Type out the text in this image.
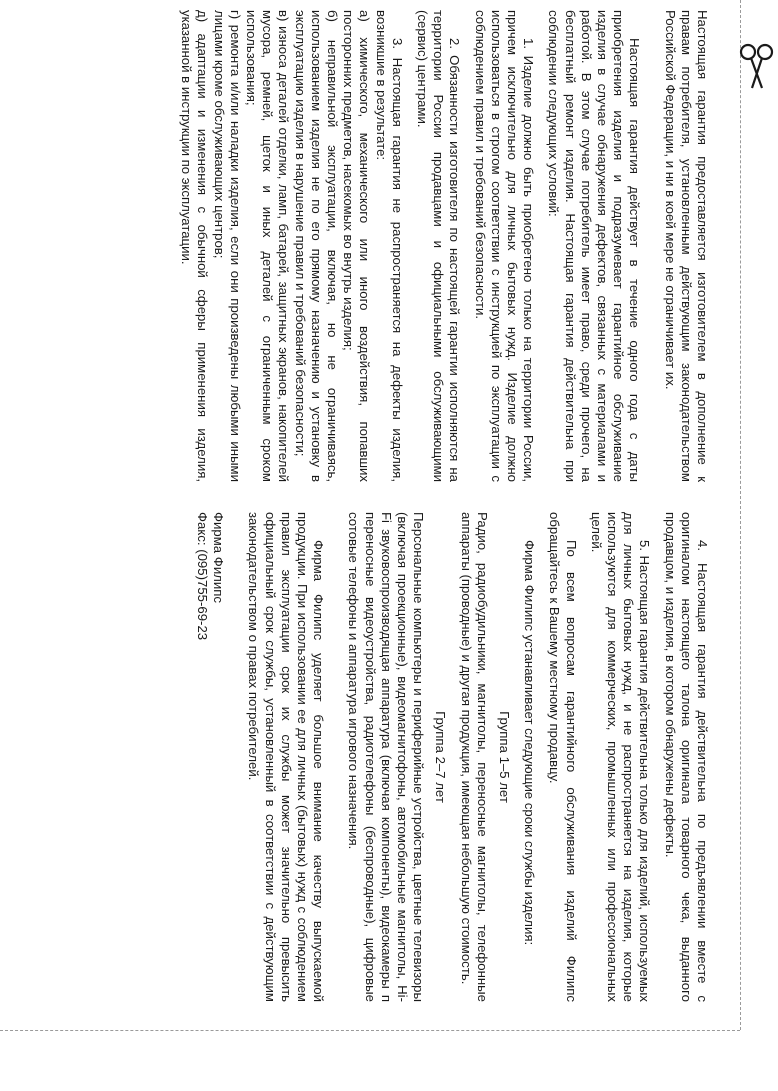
Настоящая гарантия предоставляется изготовителем в дополнение к правам потребителя, установленным действующим законодательством Российской Федерации, и ни в коей мере не ограничивает их.

Настоящая гарантия действует в течение одного года с даты приобретения изделия и подразумевает гарантийное обслуживание изделия в случае обнаружения дефектов, связанных с материалами и работой. В этом случае потребитель имеет право, среди прочего, на бесплатный ремонт изделия. Настоящая гарантия действительна при соблюдении следующих условий:

1. Изделие должно быть приобретено только на территории России, причем исключительно для личных бытовых нужд. Изделие должно использоваться в строгом соответствии с инструкцией по эксплуатации с соблюдением правил и требований безопасности.

2. Обязанности изготовителя по настоящей гарантии исполняются на территории России продавцами и официальными обслуживающими (сервис) центрами.

3. Настоящая гарантия не распространяется на дефекты изделия, возникшие в результате:

а) химического, механического или иного воздействия, попавших посторонних предметов, насекомых во внутрь изделия;

б) неправильной эксплуатации, включая, но не ограничиваясь, использованием изделия не по его прямому назначению и установку в эксплуатацию изделия в нарушение правил и требований безопасности;

в) износа деталей отделки, ламп, батарей, защитных экранов, накопителей мусора, ремней, щеток и иных деталей с ограниченным сроком использования;

г) ремонта и/или наладки изделия, если они произведены любыми иными лицами кроме обслуживающих центров;

д) адаптации и изменения с обычной сферы применения изделия, указанной в инструкции по эксплуатации.

4. Настоящая гарантия действительна по предъявлении вместе с оригиналом настоящего талона оригинала товарного чека, выданного продавцом, и изделия, в котором обнаружены дефекты.

5. Настоящая гарантия действительна только для изделий, используемых для личных бытовых нужд, и не распространяется на изделия, которые используются для коммерческих, промышленных или профессиональных целей.

По всем вопросам гарантийного обслуживания изделий Филипс обращайтесь к Вашему местному продавцу.

Фирма Филипс устанавливает следующие сроки службы изделия:

Группа 1–5 лет

Радио, радиобудильники, магнитолы, переносные магнитолы, телефонные аппараты (проводные) и другая продукция, имеющая небольшую стоимость.

Группа 2–7 лет

Персональные компьютеры и периферийные устройства, цветные телевизоры (включая проекционные), видеомагнитофоны, автомобильные магнитолы, Hi-Fi звуковоспроизводящая аппаратура (включая компоненты), видеокамеры п переносные видеоустройства, радиотелефоны (беспроводные), цифровые сотовые телефоны и аппаратура игрового назначения.

Фирма Филипс уделяет большое внимание качеству выпускаемой продукции. При использовании ее для личных (бытовых) нужд с соблюдением правил эксплуатации срок их службы может значительно превысить официальный срок службы, установленный в соответствии с действующим законодательством о правах потребителей.

Фирма Филипс

Факс: (095)755-69-23
